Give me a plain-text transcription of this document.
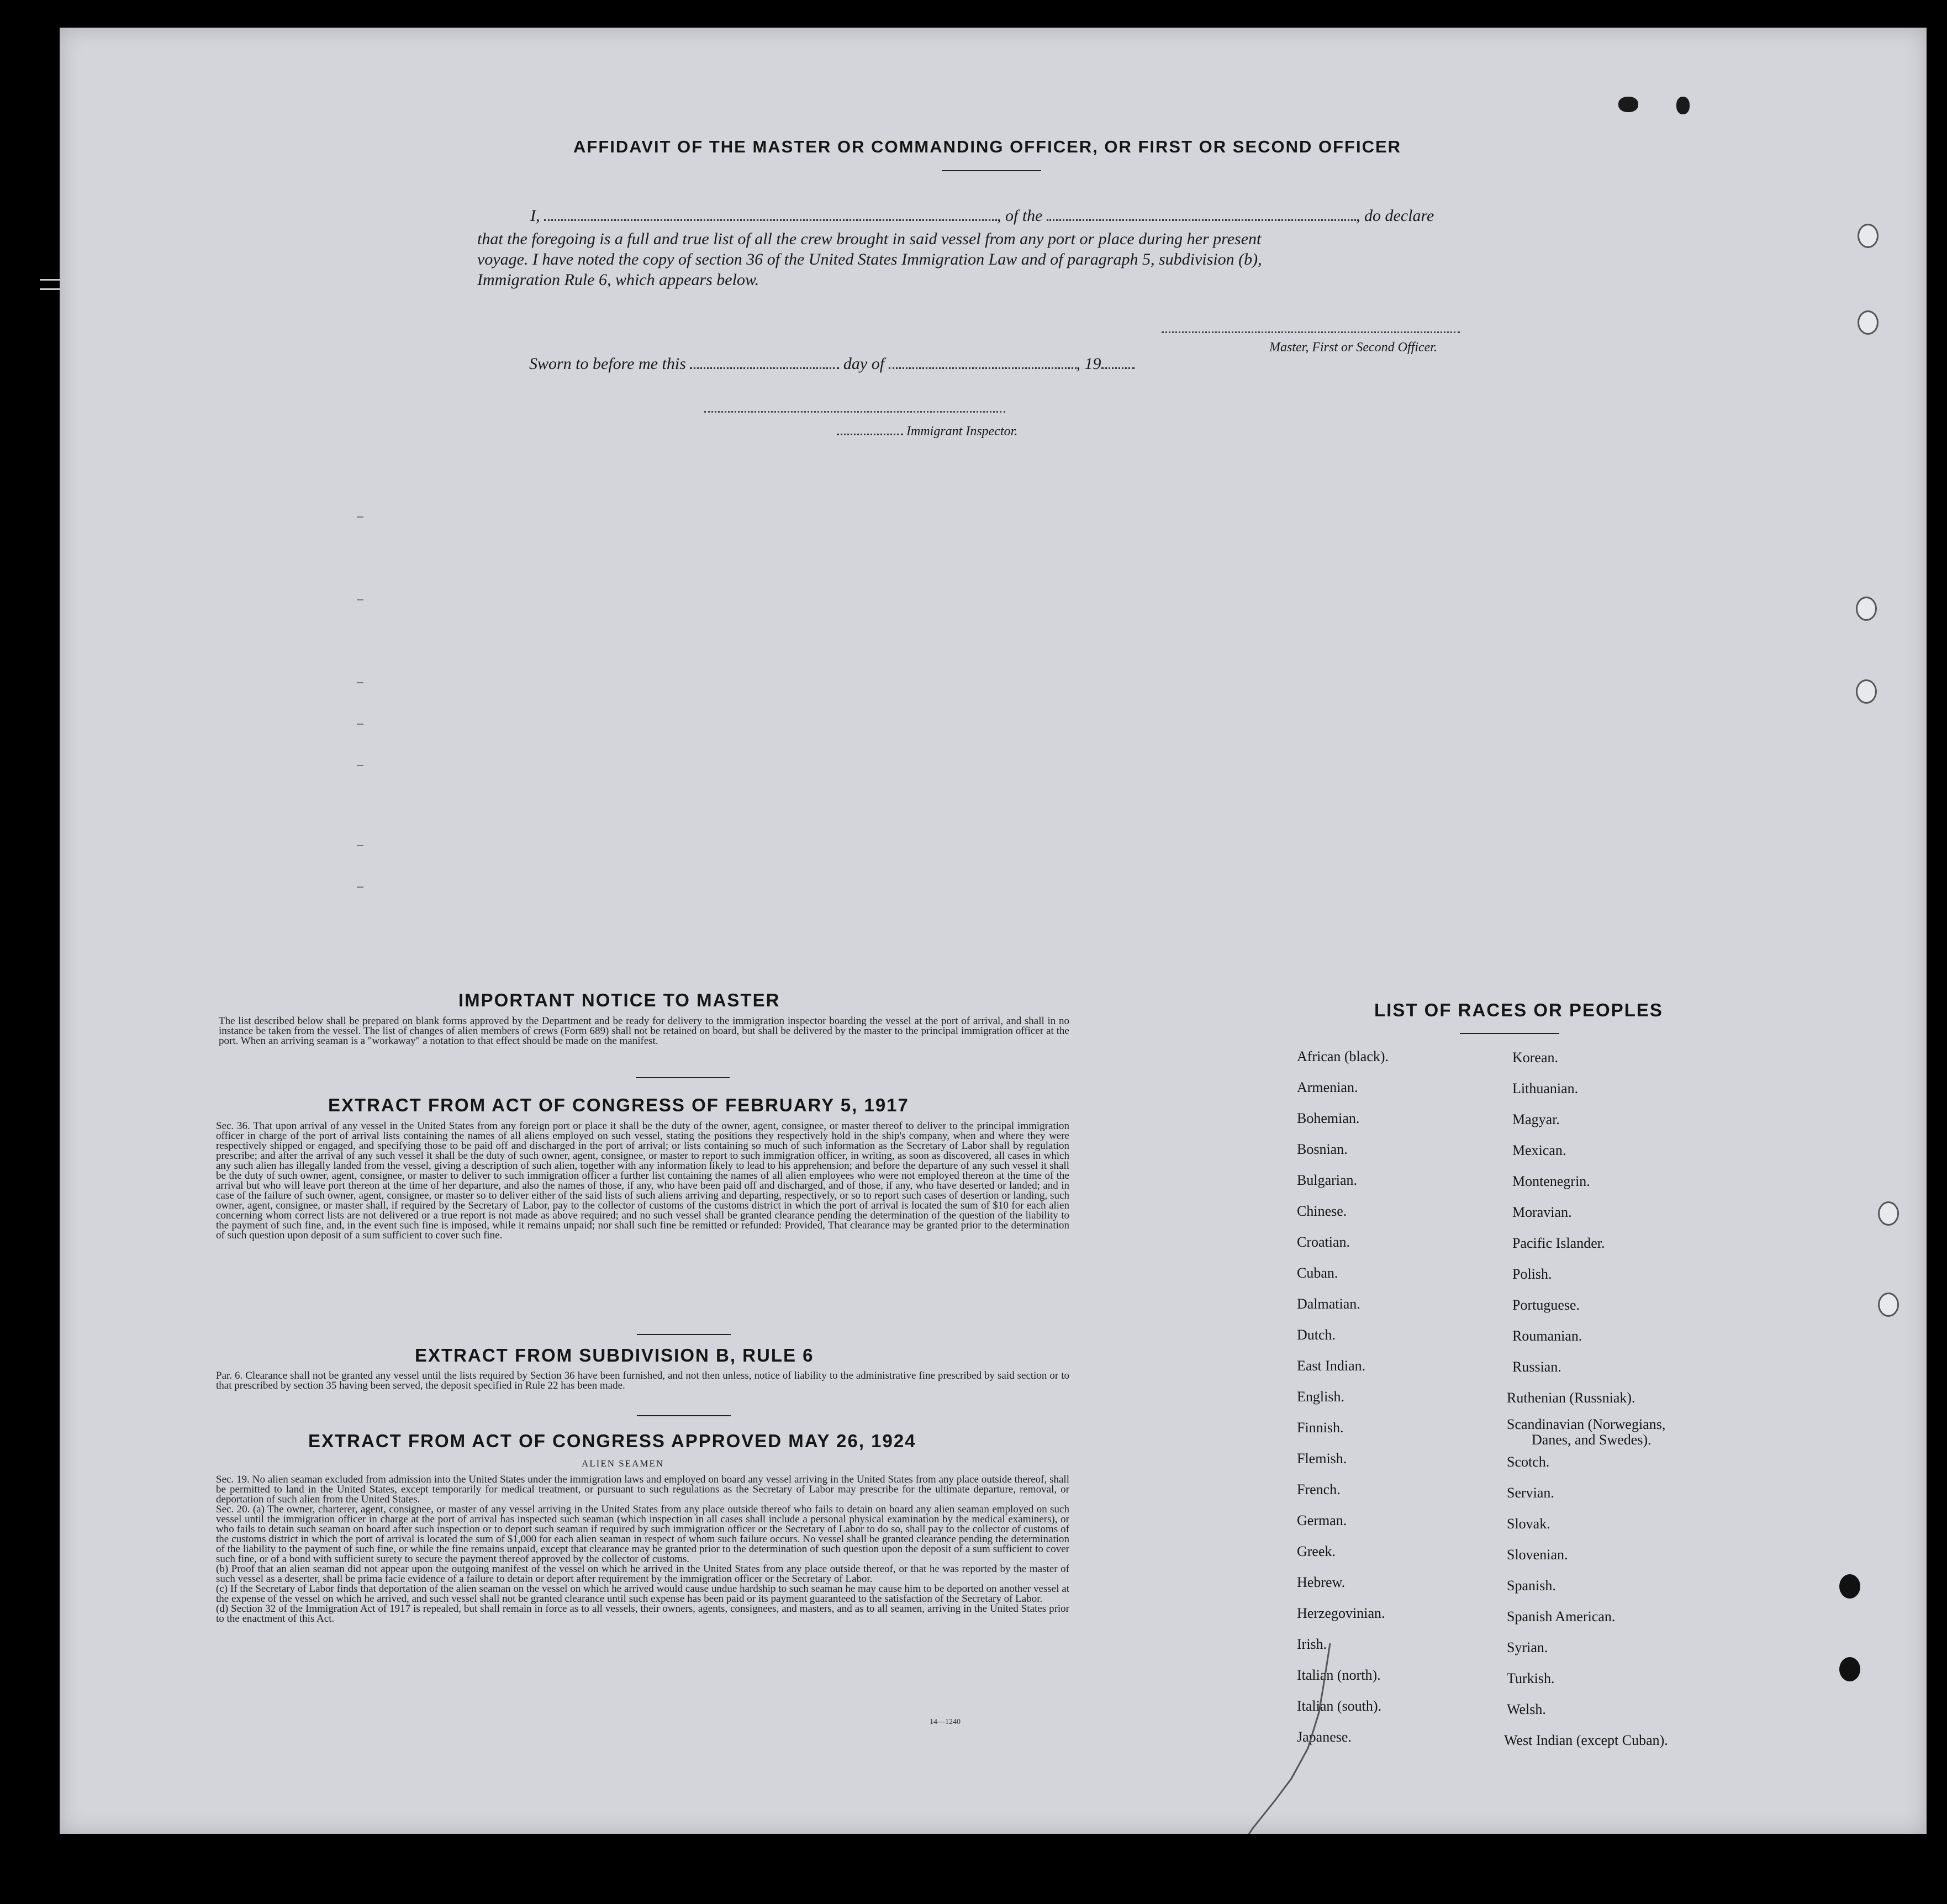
AFFIDAVIT OF THE MASTER OR COMMANDING OFFICER, OR FIRST OR SECOND OFFICER
I,	, of the	, do declare
that the foregoing is a full and true list of all the crew brought in said vessel from any port or place during her present
voyage. I have noted the copy of section 36 of the United States Immigration Law and of paragraph 5, subdivision (b),
Immigration Rule 6, which appears below.
Master, First or Second Officer.
Sworn to before me this	day of	, 19
Immigrant Inspector.
IMPORTANT NOTICE TO MASTER
The list described below shall be prepared on blank forms approved by the Department and be ready for delivery to the immigration inspector boarding the vessel at the port of arrival, and shall in no instance be taken from the vessel. The list of changes of alien members of crews (Form 689) shall not be retained on board, but shall be delivered by the master to the principal immigration officer at the port. When an arriving seaman is a "workaway" a notation to that effect should be made on the manifest.
EXTRACT FROM ACT OF CONGRESS OF FEBRUARY 5, 1917
Sec. 36. That upon arrival of any vessel in the United States from any foreign port or place it shall be the duty of the owner, agent, consignee, or master thereof to deliver to the principal immigration officer in charge of the port of arrival lists containing the names of all aliens employed on such vessel, stating the positions they respectively hold in the ship's company, when and where they were respectively shipped or engaged, and specifying those to be paid off and discharged in the port of arrival; or lists containing so much of such information as the Secretary of Labor shall by regulation prescribe; and after the arrival of any such vessel it shall be the duty of such owner, agent, consignee, or master to report to such immigration officer, in writing, as soon as discovered, all cases in which any such alien has illegally landed from the vessel, giving a description of such alien, together with any information likely to lead to his apprehension; and before the departure of any such vessel it shall be the duty of such owner, agent, consignee, or master to deliver to such immigration officer a further list containing the names of all alien employees who were not employed thereon at the time of the arrival but who will leave port thereon at the time of her departure, and also the names of those, if any, who have been paid off and discharged, and of those, if any, who have deserted or landed; and in case of the failure of such owner, agent, consignee, or master so to deliver either of the said lists of such aliens arriving and departing, respectively, or so to report such cases of desertion or landing, such owner, agent, consignee, or master shall, if required by the Secretary of Labor, pay to the collector of customs of the customs district in which the port of arrival is located the sum of $10 for each alien concerning whom correct lists are not delivered or a true report is not made as above required; and no such vessel shall be granted clearance pending the determination of the question of the liability to the payment of such fine, and, in the event such fine is imposed, while it remains unpaid; nor shall such fine be remitted or refunded: Provided, That clearance may be granted prior to the determination of such question upon deposit of a sum sufficient to cover such fine.
EXTRACT FROM SUBDIVISION B, RULE 6
Par. 6. Clearance shall not be granted any vessel until the lists required by Section 36 have been furnished, and not then unless, notice of liability to the administrative fine prescribed by said section or to that prescribed by section 35 having been served, the deposit specified in Rule 22 has been made.
EXTRACT FROM ACT OF CONGRESS APPROVED MAY 26, 1924
ALIEN SEAMEN
Sec. 19. No alien seaman excluded from admission into the United States under the immigration laws and employed on board any vessel arriving in the United States from any place outside thereof, shall be permitted to land in the United States, except temporarily for medical treatment, or pursuant to such regulations as the Secretary of Labor may prescribe for the ultimate departure, removal, or deportation of such alien from the United States.
Sec. 20. (a) The owner, charterer, agent, consignee, or master of any vessel arriving in the United States from any place outside thereof who fails to detain on board any alien seaman employed on such vessel until the immigration officer in charge at the port of arrival has inspected such seaman (which inspection in all cases shall include a personal physical examination by the medical examiners), or who fails to detain such seaman on board after such inspection or to deport such seaman if required by such immigration officer or the Secretary of Labor to do so, shall pay to the collector of customs of the customs district in which the port of arrival is located the sum of $1,000 for each alien seaman in respect of whom such failure occurs. No vessel shall be granted clearance pending the determination of the liability to the payment of such fine, or while the fine remains unpaid, except that clearance may be granted prior to the determination of such question upon the deposit of a sum sufficient to cover such fine, or of a bond with sufficient surety to secure the payment thereof approved by the collector of customs.
(b) Proof that an alien seaman did not appear upon the outgoing manifest of the vessel on which he arrived in the United States from any place outside thereof, or that he was reported by the master of such vessel as a deserter, shall be prima facie evidence of a failure to detain or deport after requirement by the immigration officer or the Secretary of Labor.
(c) If the Secretary of Labor finds that deportation of the alien seaman on the vessel on which he arrived would cause undue hardship to such seaman he may cause him to be deported on another vessel at the expense of the vessel on which he arrived, and such vessel shall not be granted clearance until such expense has been paid or its payment guaranteed to the satisfaction of the Secretary of Labor.
(d) Section 32 of the Immigration Act of 1917 is repealed, but shall remain in force as to all vessels, their owners, agents, consignees, and masters, and as to all seamen, arriving in the United States prior to the enactment of this Act.
14—1240
LIST OF RACES OR PEOPLES
African (black).
Armenian.
Bohemian.
Bosnian.
Bulgarian.
Chinese.
Croatian.
Cuban.
Dalmatian.
Dutch.
East Indian.
English.
Finnish.
Flemish.
French.
German.
Greek.
Hebrew.
Herzegovinian.
Irish.
Italian (north).
Italian (south).
Japanese.
Korean.
Lithuanian.
Magyar.
Mexican.
Montenegrin.
Moravian.
Pacific Islander.
Polish.
Portuguese.
Roumanian.
Russian.
Ruthenian (Russniak).
Scandinavian (Norwegians,
Danes, and Swedes).
Scotch.
Servian.
Slovak.
Slovenian.
Spanish.
Spanish American.
Syrian.
Turkish.
Welsh.
West Indian (except Cuban).
